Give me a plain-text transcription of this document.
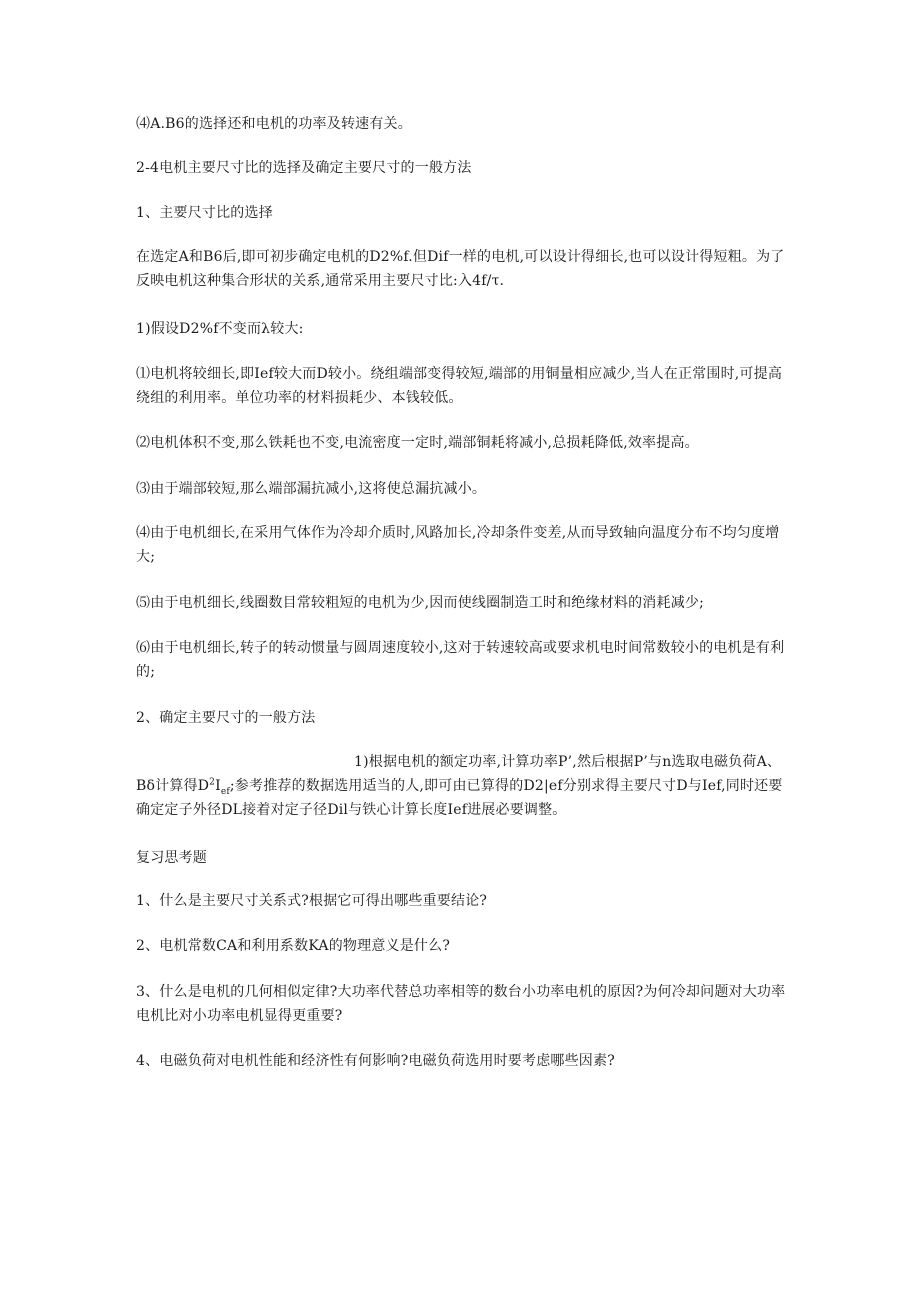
⑷A.B6的选择还和电机的功率及转速有关。

2-4电机主要尺寸比的选择及确定主要尺寸的一般方法

1、主要尺寸比的选择

在选定A和B6后,即可初步确定电机的D2%f.但Dif一样的电机,可以设计得细长,也可以设计得短粗。为了反映电机这种集合形状的关系,通常采用主要尺寸比:入4f/τ.

1)假设D2%f不变而λ较大:

⑴电机将较细长,即Ief较大而D较小。绕组端部变得较短,端部的用铜量相应减少,当人在正常围时,可提高绕组的利用率。单位功率的材料损耗少、本钱较低。

⑵电机体积不变,那么铁耗也不变,电流密度一定时,端部铜耗将减小,总损耗降低,效率提高。

⑶由于端部较短,那么端部漏抗减小,这将使总漏抗减小。

⑷由于电机细长,在采用气体作为冷却介质时,风路加长,冷却条件变差,从而导致轴向温度分布不均匀度增大;

⑸由于电机细长,线圈数目常较粗短的电机为少,因而使线圈制造工时和绝缘材料的消耗减少;

⑹由于电机细长,转子的转动惯量与圆周速度较小,这对于转速较高或要求机电时间常数较小的电机是有利的;

2、确定主要尺寸的一般方法

1)根据电机的额定功率,计算功率P’,然后根据P’与n选取电磁负荷A、Bδ计算得$D^2I_{ef}$;参考推荐的数据选用适当的人,即可由已算得的D2|ef分别求得主要尺寸D与Ief,同时还要确定定子外径DL接着对定子径Dil与铁心计算长度Ief进展必要调整。

复习思考题

1、什么是主要尺寸关系式?根据它可得出哪些重要结论?

2、电机常数CA和利用系数KA的物理意义是什么?

3、什么是电机的几何相似定律?大功率代替总功率相等的数台小功率电机的原因?为何冷却问题对大功率电机比对小功率电机显得更重要?

4、电磁负荷对电机性能和经济性有何影响?电磁负荷选用时要考虑哪些因素?
